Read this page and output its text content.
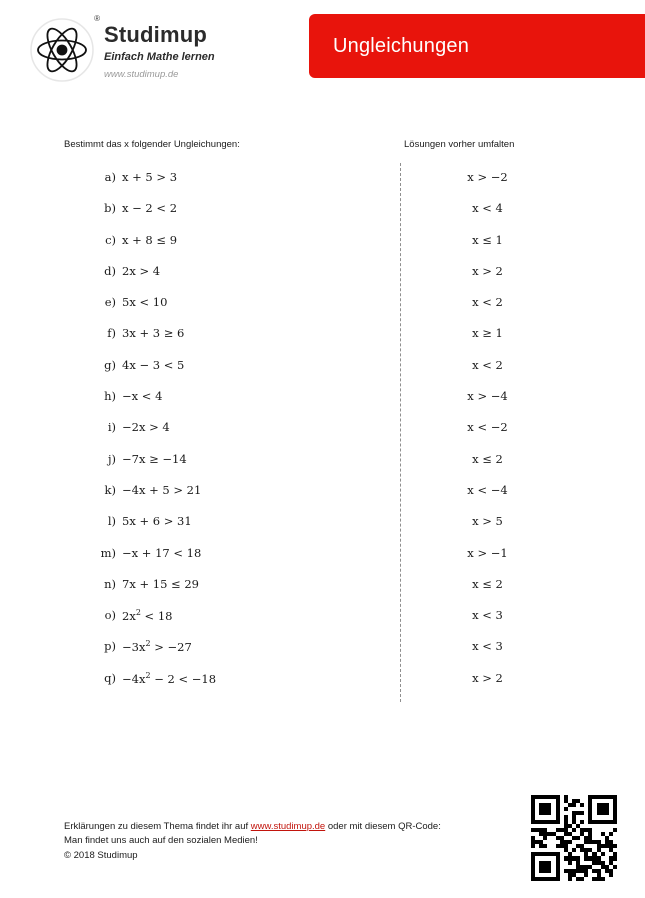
®
Studimup
Einfach Mathe lernen
www.studimup.de
Ungleichungen
Bestimmt das x folgender Ungleichungen:	Lösungen vorher umfalten
a) x + 5 > 3	x > −2
b) x − 2 < 2	x < 4
c) x + 8 ≤ 9	x ≤ 1
d) 2x > 4	x > 2
e) 5x < 10	x < 2
f) 3x + 3 ≥ 6	x ≥ 1
g) 4x − 3 < 5	x < 2
h) −x < 4	x > −4
i) −2x > 4	x < −2
j) −7x ≥ −14	x ≤ 2
k) −4x + 5 > 21	x < −4
l) 5x + 6 > 31	x > 5
m) −x + 17 < 18	x > −1
n) 7x + 15 ≤ 29	x ≤ 2
o) $2x^2 < 18$	x < 3
$p) -3x^2 > -27$	x < 3
$q) -4x^2 - 2 < -18$	x > 2
Erklärungen zu diesem Thema findet ihr auf www.studimup.de oder mit diesem QR-Code:
Man findet uns auch auf den sozialen Medien!
© 2018 Studimup
